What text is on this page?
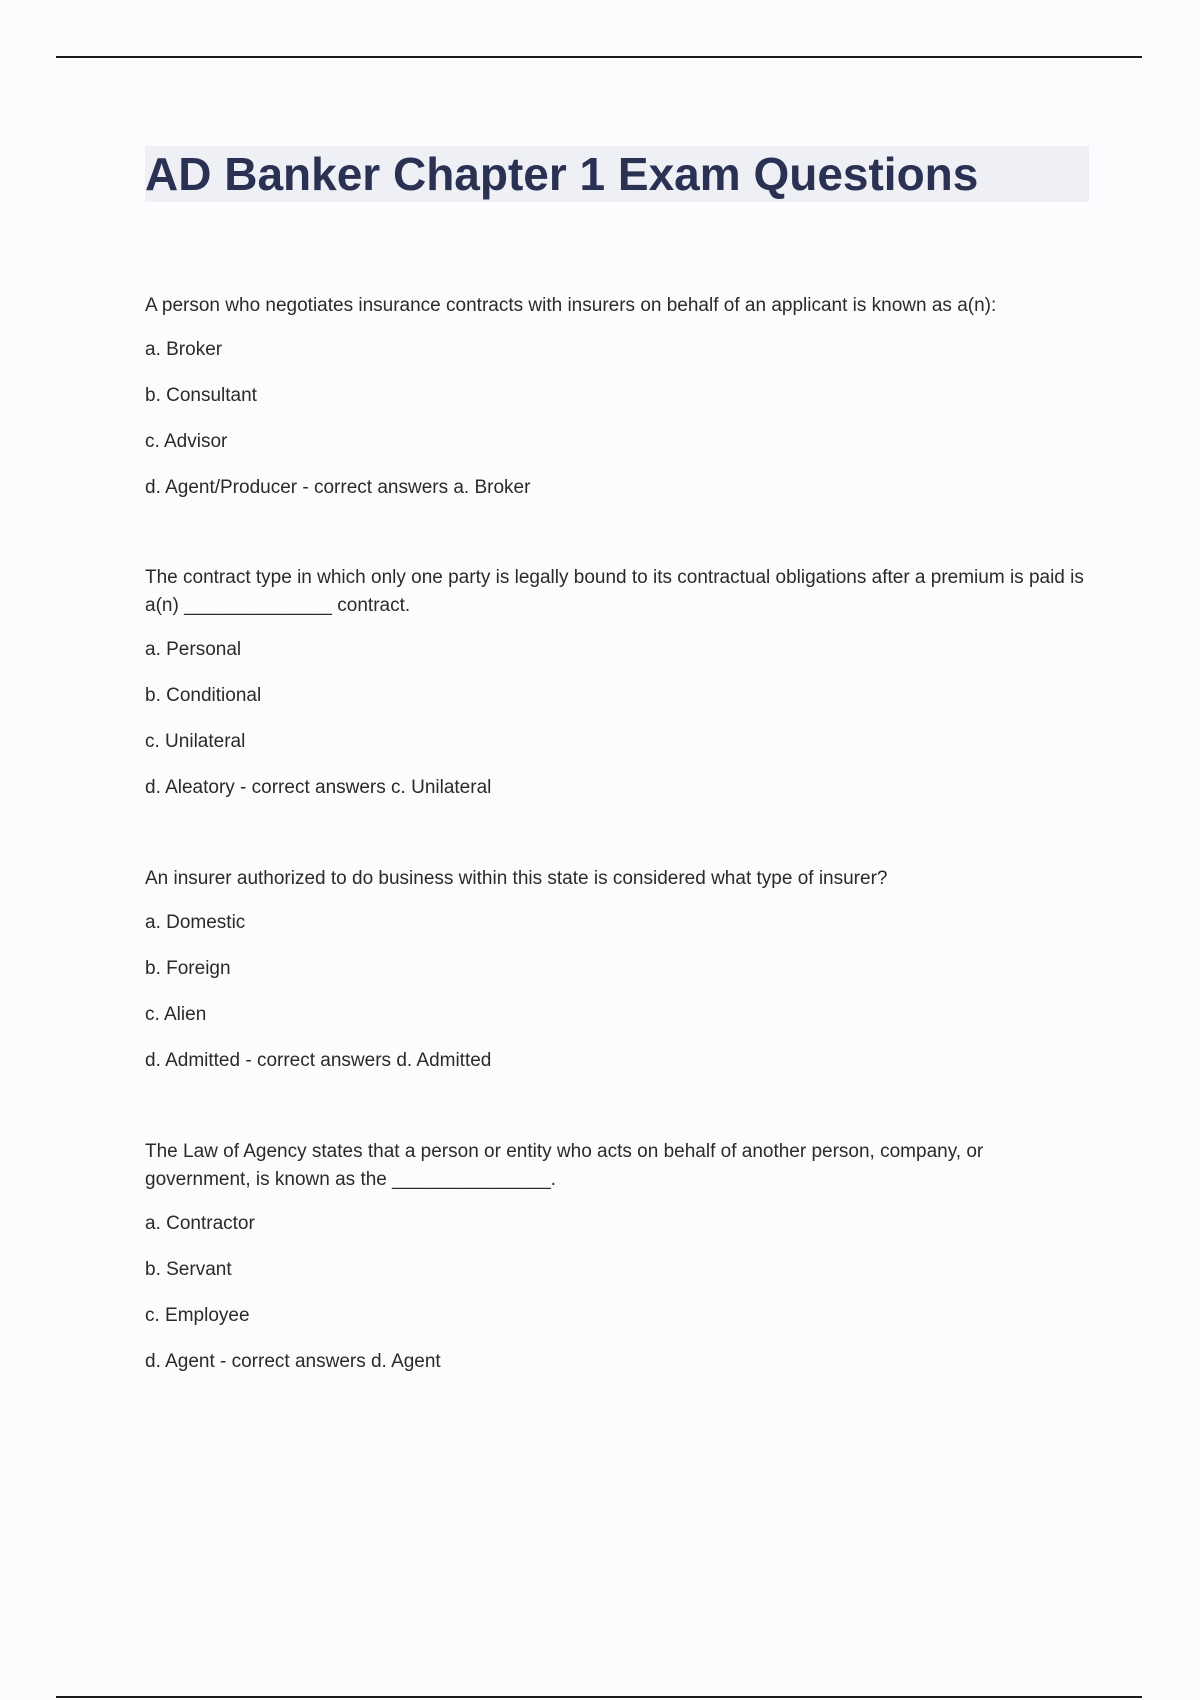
AD Banker Chapter 1 Exam Questions

A person who negotiates insurance contracts with insurers on behalf of an applicant is known as a(n):

a. Broker

b. Consultant

c. Advisor

d. Agent/Producer - correct answers a. Broker

The contract type in which only one party is legally bound to its contractual obligations after a premium is paid is a(n) ______________ contract.

a. Personal

b. Conditional

c. Unilateral

d. Aleatory - correct answers c. Unilateral

An insurer authorized to do business within this state is considered what type of insurer?

a. Domestic

b. Foreign

c. Alien

d. Admitted - correct answers d. Admitted

The Law of Agency states that a person or entity who acts on behalf of another person, company, or government, is known as the _______________.

a. Contractor

b. Servant

c. Employee

d. Agent - correct answers d. Agent
